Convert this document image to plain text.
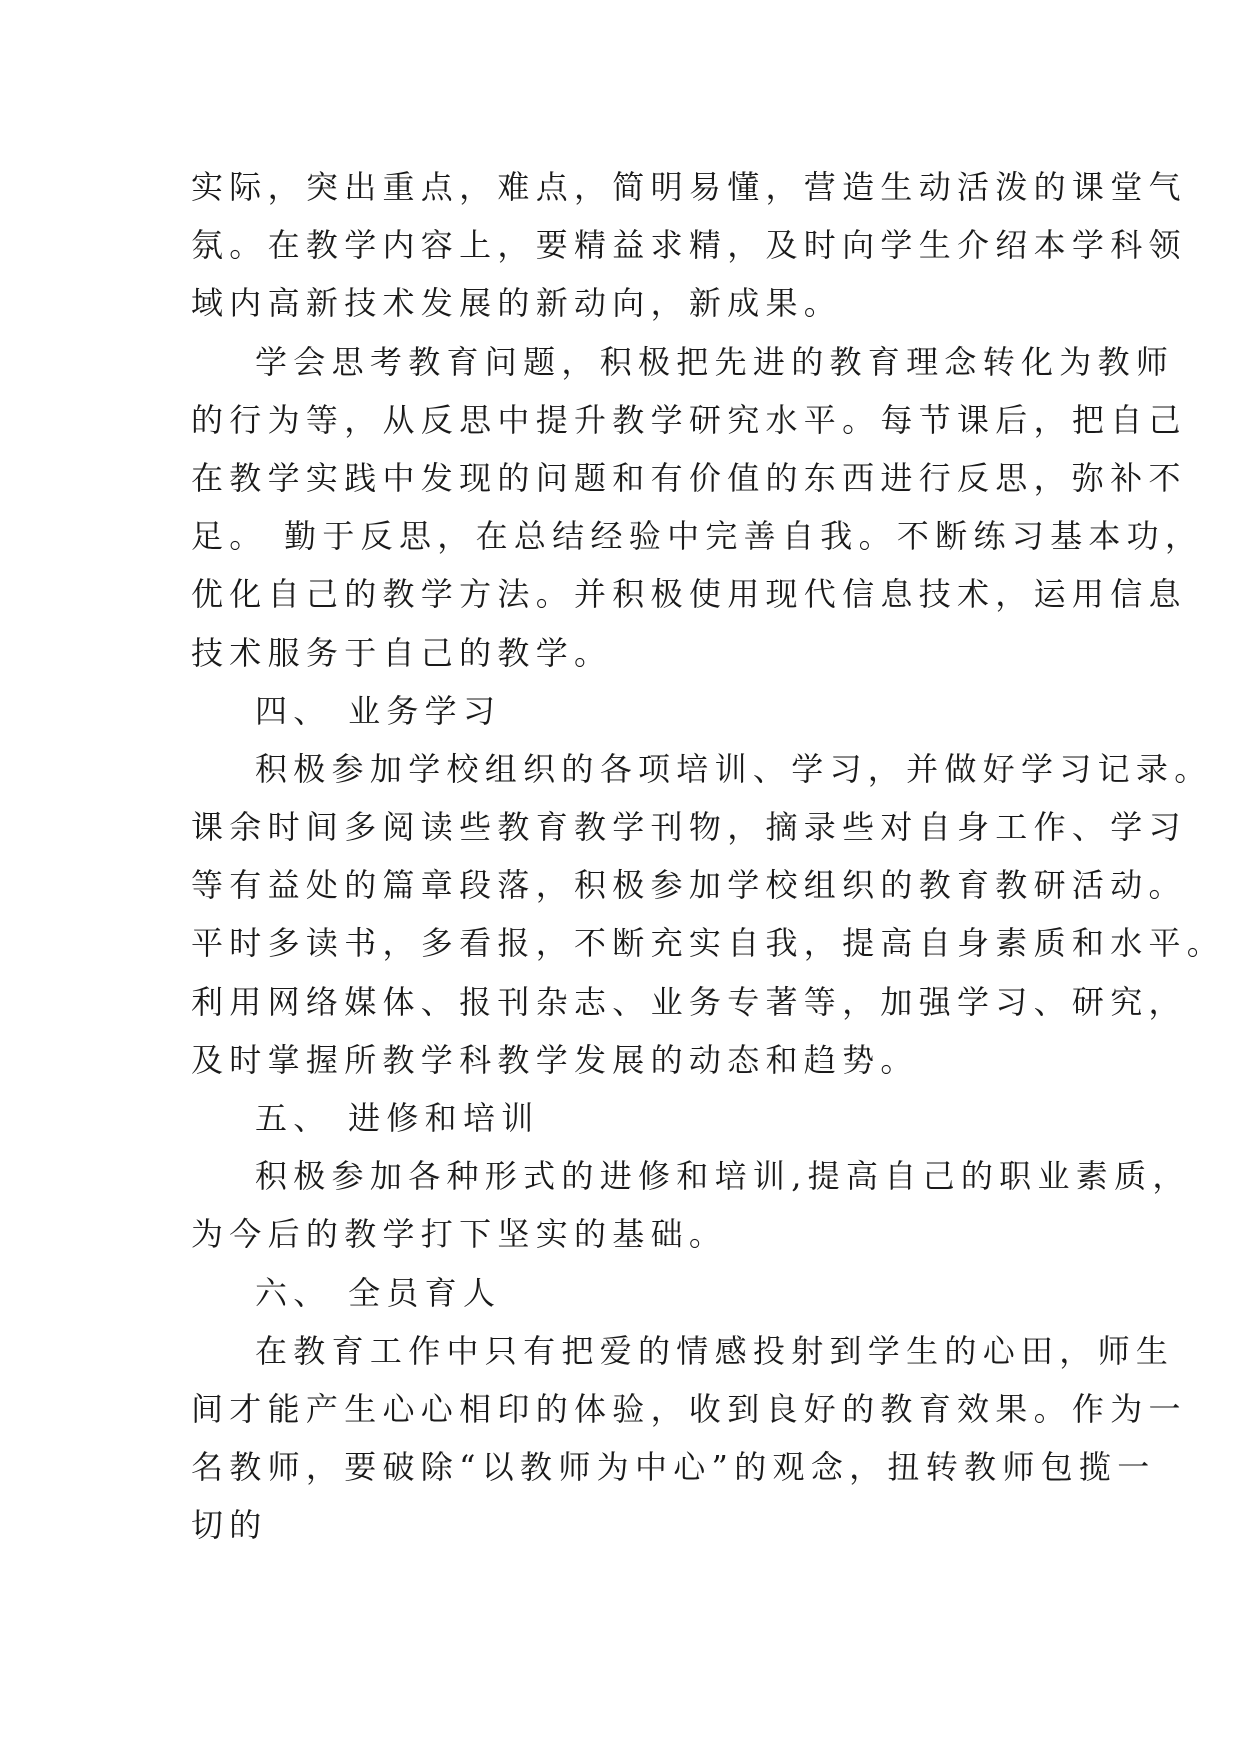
实际，突出重点，难点，简明易懂，营造生动活泼的课堂气
氛。在教学内容上，要精益求精，及时向学生介绍本学科领
域内高新技术发展的新动向，新成果。
学会思考教育问题，积极把先进的教育理念转化为教师
的行为等，从反思中提升教学研究水平。每节课后，把自己
在教学实践中发现的问题和有价值的东西进行反思，弥补不
足。 勤于反思，在总结经验中完善自我。不断练习基本功，
优化自己的教学方法。并积极使用现代信息技术，运用信息
技术服务于自己的教学。
四、 业务学习
积极参加学校组织的各项培训、学习，并做好学习记录。
课余时间多阅读些教育教学刊物，摘录些对自身工作、学习
等有益处的篇章段落，积极参加学校组织的教育教研活动。
平时多读书，多看报，不断充实自我，提高自身素质和水平。
利用网络媒体、报刊杂志、业务专著等，加强学习、研究，
及时掌握所教学科教学发展的动态和趋势。
五、 进修和培训
积极参加各种形式的进修和培训,提高自己的职业素质，
为今后的教学打下坚实的基础。
六、 全员育人
在教育工作中只有把爱的情感投射到学生的心田，师生
间才能产生心心相印的体验，收到良好的教育效果。作为一
名教师，要破除“以教师为中心”的观念，扭转教师包揽一
切的
